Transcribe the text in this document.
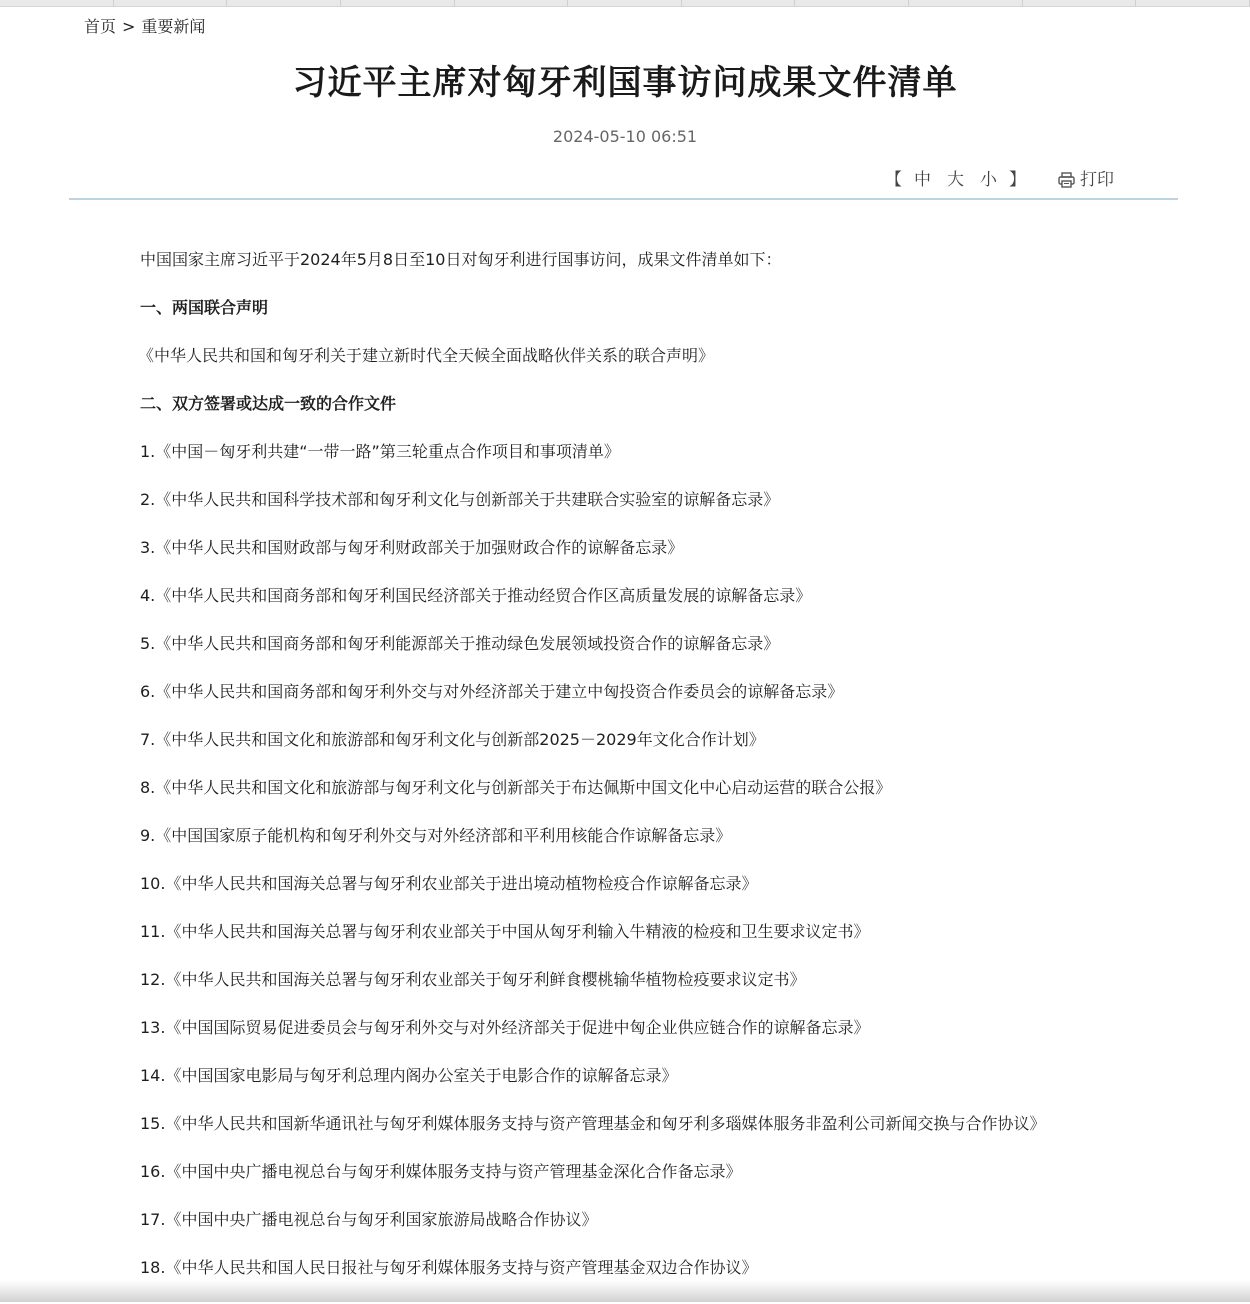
首页 > 重要新闻
习近平主席对匈牙利国事访问成果文件清单
2024-05-10 06:51
【 中 大 小 】	打印

中国国家主席习近平于2024年5月8日至10日对匈牙利进行国事访问，成果文件清单如下：

一、两国联合声明

《中华人民共和国和匈牙利关于建立新时代全天候全面战略伙伴关系的联合声明》

二、双方签署或达成一致的合作文件

1.《中国－匈牙利共建“一带一路”第三轮重点合作项目和事项清单》

2.《中华人民共和国科学技术部和匈牙利文化与创新部关于共建联合实验室的谅解备忘录》

3.《中华人民共和国财政部与匈牙利财政部关于加强财政合作的谅解备忘录》

4.《中华人民共和国商务部和匈牙利国民经济部关于推动经贸合作区高质量发展的谅解备忘录》

5.《中华人民共和国商务部和匈牙利能源部关于推动绿色发展领域投资合作的谅解备忘录》

6.《中华人民共和国商务部和匈牙利外交与对外经济部关于建立中匈投资合作委员会的谅解备忘录》

7.《中华人民共和国文化和旅游部和匈牙利文化与创新部2025－2029年文化合作计划》

8.《中华人民共和国文化和旅游部与匈牙利文化与创新部关于布达佩斯中国文化中心启动运营的联合公报》

9.《中国国家原子能机构和匈牙利外交与对外经济部和平利用核能合作谅解备忘录》

10.《中华人民共和国海关总署与匈牙利农业部关于进出境动植物检疫合作谅解备忘录》

11.《中华人民共和国海关总署与匈牙利农业部关于中国从匈牙利输入牛精液的检疫和卫生要求议定书》

12.《中华人民共和国海关总署与匈牙利农业部关于匈牙利鲜食樱桃输华植物检疫要求议定书》

13.《中国国际贸易促进委员会与匈牙利外交与对外经济部关于促进中匈企业供应链合作的谅解备忘录》

14.《中国国家电影局与匈牙利总理内阁办公室关于电影合作的谅解备忘录》

15.《中华人民共和国新华通讯社与匈牙利媒体服务支持与资产管理基金和匈牙利多瑙媒体服务非盈利公司新闻交换与合作协议》

16.《中国中央广播电视总台与匈牙利媒体服务支持与资产管理基金深化合作备忘录》

17.《中国中央广播电视总台与匈牙利国家旅游局战略合作协议》

18.《中华人民共和国人民日报社与匈牙利媒体服务支持与资产管理基金双边合作协议》
